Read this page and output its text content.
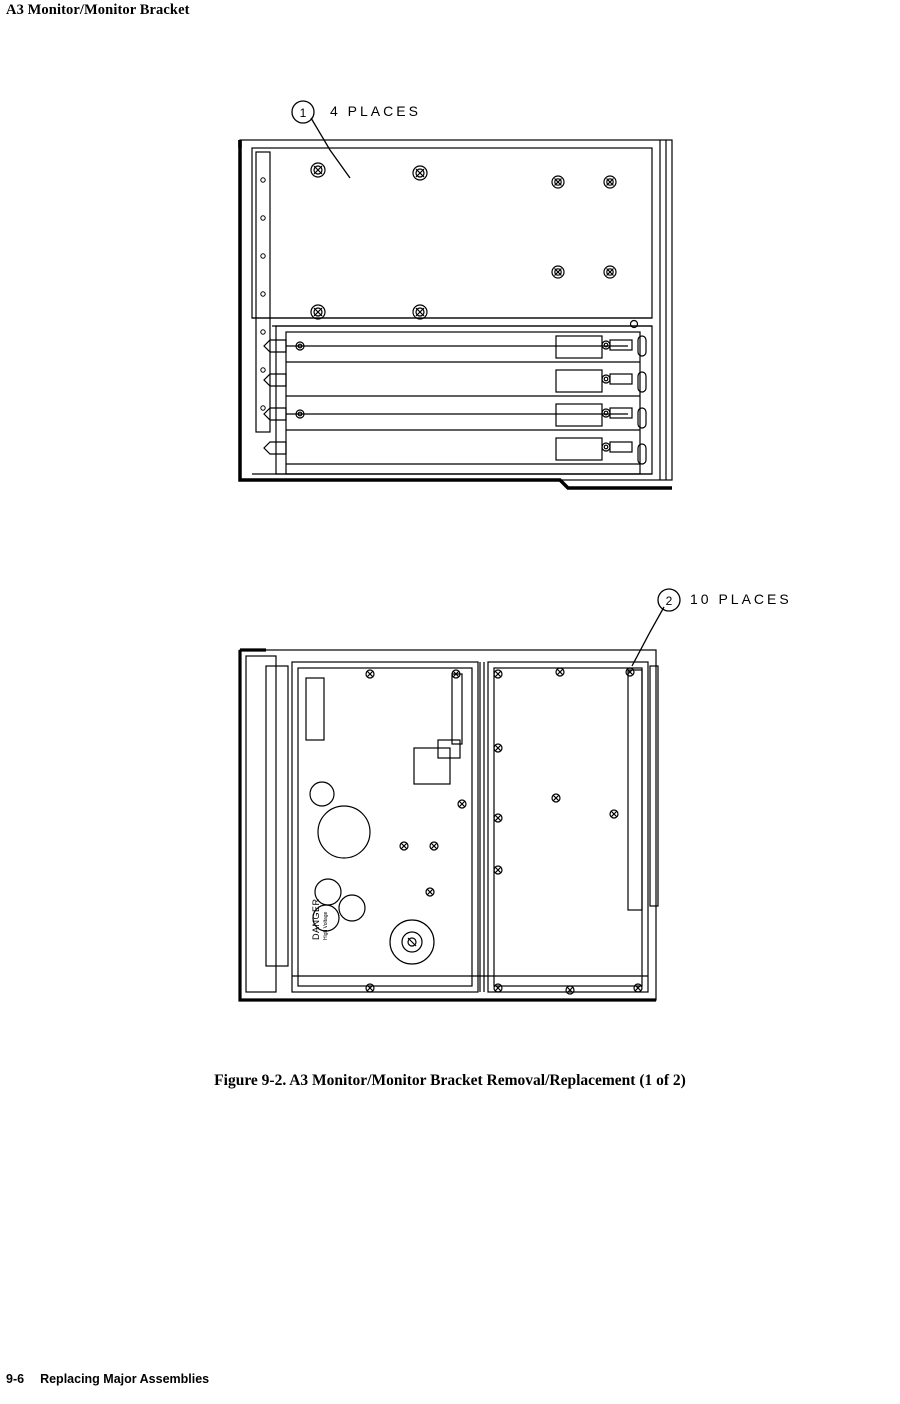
A3 Monitor/Monitor Bracket
1 4 PLACES
2 10 PLACES
DANGER High Voltage
Figure 9-2. A3 Monitor/Monitor Bracket Removal/Replacement (1 of 2)
9-6 Replacing Major Assemblies
